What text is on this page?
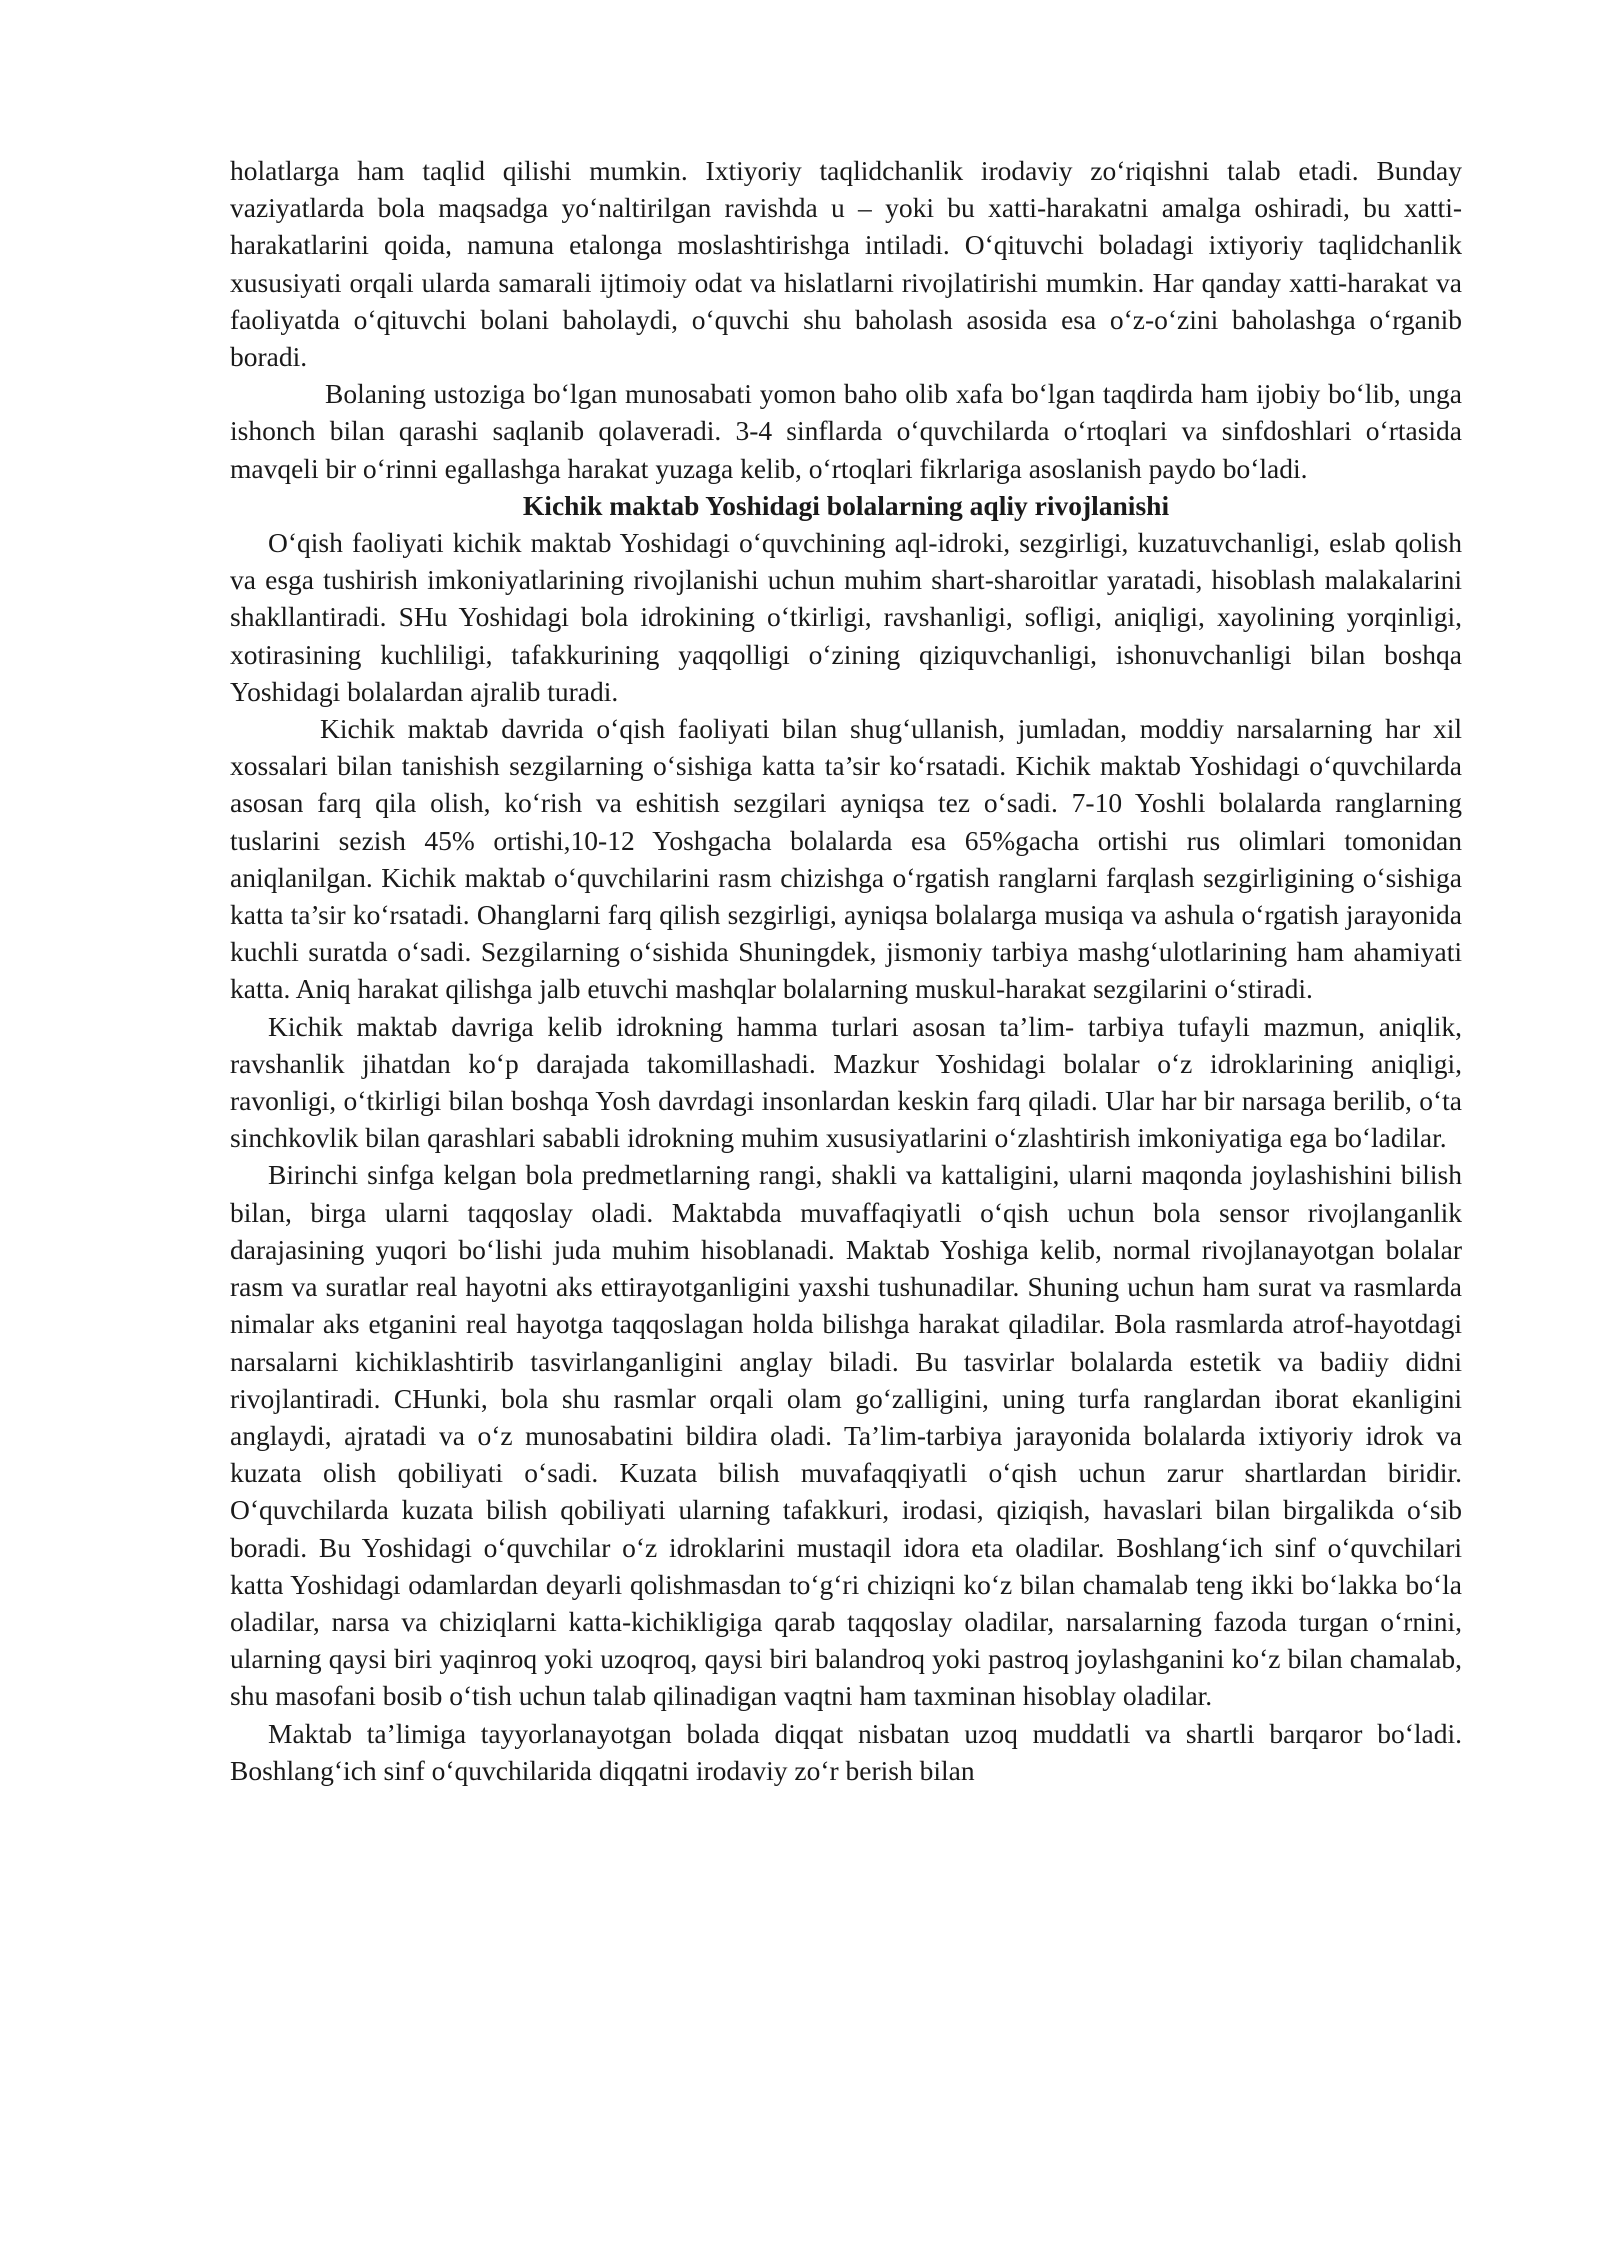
holatlarga ham taqlid qilishi mumkin. Ixtiyoriy taqlidchanlik irodaviy zo‘riqishni talab etadi. Bunday vaziyatlarda bola maqsadga yo‘naltirilgan ravishda u – yoki bu xatti-harakatni amalga oshiradi, bu xatti-harakatlarini qoida, namuna etalonga moslashtirishga intiladi. O‘qituvchi boladagi ixtiyoriy taqlidchanlik xususiyati orqali ularda samarali ijtimoiy odat va hislatlarni rivojlatirishi mumkin. Har qanday xatti-harakat va faoliyatda o‘qituvchi bolani baholaydi, o‘quvchi shu baholash asosida esa o‘z-o‘zini baholashga o‘rganib boradi.

Bolaning ustoziga bo‘lgan munosabati yomon baho olib xafa bo‘lgan taqdirda ham ijobiy bo‘lib, unga ishonch bilan qarashi saqlanib qolaveradi. 3-4 sinflarda o‘quvchilarda o‘rtoqlari va sinfdoshlari o‘rtasida mavqeli bir o‘rinni egallashga harakat yuzaga kelib, o‘rtoqlari fikrlariga asoslanish paydo bo‘ladi.

Kichik maktab Yoshidagi bolalarning aqliy rivojlanishi

O‘qish faoliyati kichik maktab Yoshidagi o‘quvchining aql-idroki, sezgirligi, kuzatuvchanligi, eslab qolish va esga tushirish imkoniyatlarining rivojlanishi uchun muhim shart-sharoitlar yaratadi, hisoblash malakalarini shakllantiradi. SHu Yoshidagi bola idrokining o‘tkirligi, ravshanligi, sofligi, aniqligi, xayolining yorqinligi, xotirasining kuchliligi, tafakkurining yaqqolligi o‘zining qiziquvchanligi, ishonuvchanligi bilan boshqa Yoshidagi bolalardan ajralib turadi.

Kichik maktab davrida o‘qish faoliyati bilan shug‘ullanish, jumladan, moddiy narsalarning har xil xossalari bilan tanishish sezgilarning o‘sishiga katta ta’sir ko‘rsatadi. Kichik maktab Yoshidagi o‘quvchilarda asosan farq qila olish, ko‘rish va eshitish sezgilari ayniqsa tez o‘sadi. 7-10 Yoshli bolalarda ranglarning tuslarini sezish 45% ortishi,10-12 Yoshgacha bolalarda esa 65%gacha ortishi rus olimlari tomonidan aniqlanilgan. Kichik maktab o‘quvchilarini rasm chizishga o‘rgatish ranglarni farqlash sezgirligining o‘sishiga katta ta’sir ko‘rsatadi. Ohanglarni farq qilish sezgirligi, ayniqsa bolalarga musiqa va ashula o‘rgatish jarayonida kuchli suratda o‘sadi. Sezgilarning o‘sishida Shuningdek, jismoniy tarbiya mashg‘ulotlarining ham ahamiyati katta. Aniq harakat qilishga jalb etuvchi mashqlar bolalarning muskul-harakat sezgilarini o‘stiradi.

Kichik maktab davriga kelib idrokning hamma turlari asosan ta’lim- tarbiya tufayli mazmun, aniqlik, ravshanlik jihatdan ko‘p darajada takomillashadi. Mazkur Yoshidagi bolalar o‘z idroklarining aniqligi, ravonligi, o‘tkirligi bilan boshqa Yosh davrdagi insonlardan keskin farq qiladi. Ular har bir narsaga berilib, o‘ta sinchkovlik bilan qarashlari sababli idrokning muhim xususiyatlarini o‘zlashtirish imkoniyatiga ega bo‘ladilar.

Birinchi sinfga kelgan bola predmetlarning rangi, shakli va kattaligini, ularni maqonda joylashishini bilish bilan, birga ularni taqqoslay oladi. Maktabda muvaffaqiyatli o‘qish uchun bola sensor rivojlanganlik darajasining yuqori bo‘lishi juda muhim hisoblanadi. Maktab Yoshiga kelib, normal rivojlanayotgan bolalar rasm va suratlar real hayotni aks ettirayotganligini yaxshi tushunadilar. Shuning uchun ham surat va rasmlarda nimalar aks etganini real hayotga taqqoslagan holda bilishga harakat qiladilar. Bola rasmlarda atrof-hayotdagi narsalarni kichiklashtirib tasvirlanganligini anglay biladi. Bu tasvirlar bolalarda estetik va badiiy didni rivojlantiradi. CHunki, bola shu rasmlar orqali olam go‘zalligini, uning turfa ranglardan iborat ekanligini anglaydi, ajratadi va o‘z munosabatini bildira oladi. Ta’lim-tarbiya jarayonida bolalarda ixtiyoriy idrok va kuzata olish qobiliyati o‘sadi. Kuzata bilish muvafaqqiyatli o‘qish uchun zarur shartlardan biridir. O‘quvchilarda kuzata bilish qobiliyati ularning tafakkuri, irodasi, qiziqish, havaslari bilan birgalikda o‘sib boradi. Bu Yoshidagi o‘quvchilar o‘z idroklarini mustaqil idora eta oladilar. Boshlang‘ich sinf o‘quvchilari katta Yoshidagi odamlardan deyarli qolishmasdan to‘g‘ri chiziqni ko‘z bilan chamalab teng ikki bo‘lakka bo‘la oladilar, narsa va chiziqlarni katta-kichikligiga qarab taqqoslay oladilar, narsalarning fazoda turgan o‘rnini, ularning qaysi biri yaqinroq yoki uzoqroq, qaysi biri balandroq yoki pastroq joylashganini ko‘z bilan chamalab, shu masofani bosib o‘tish uchun talab qilinadigan vaqtni ham taxminan hisoblay oladilar.

Maktab ta’limiga tayyorlanayotgan bolada diqqat nisbatan uzoq muddatli va shartli barqaror bo‘ladi. Boshlang‘ich sinf o‘quvchilarida diqqatni irodaviy zo‘r berish bilan
